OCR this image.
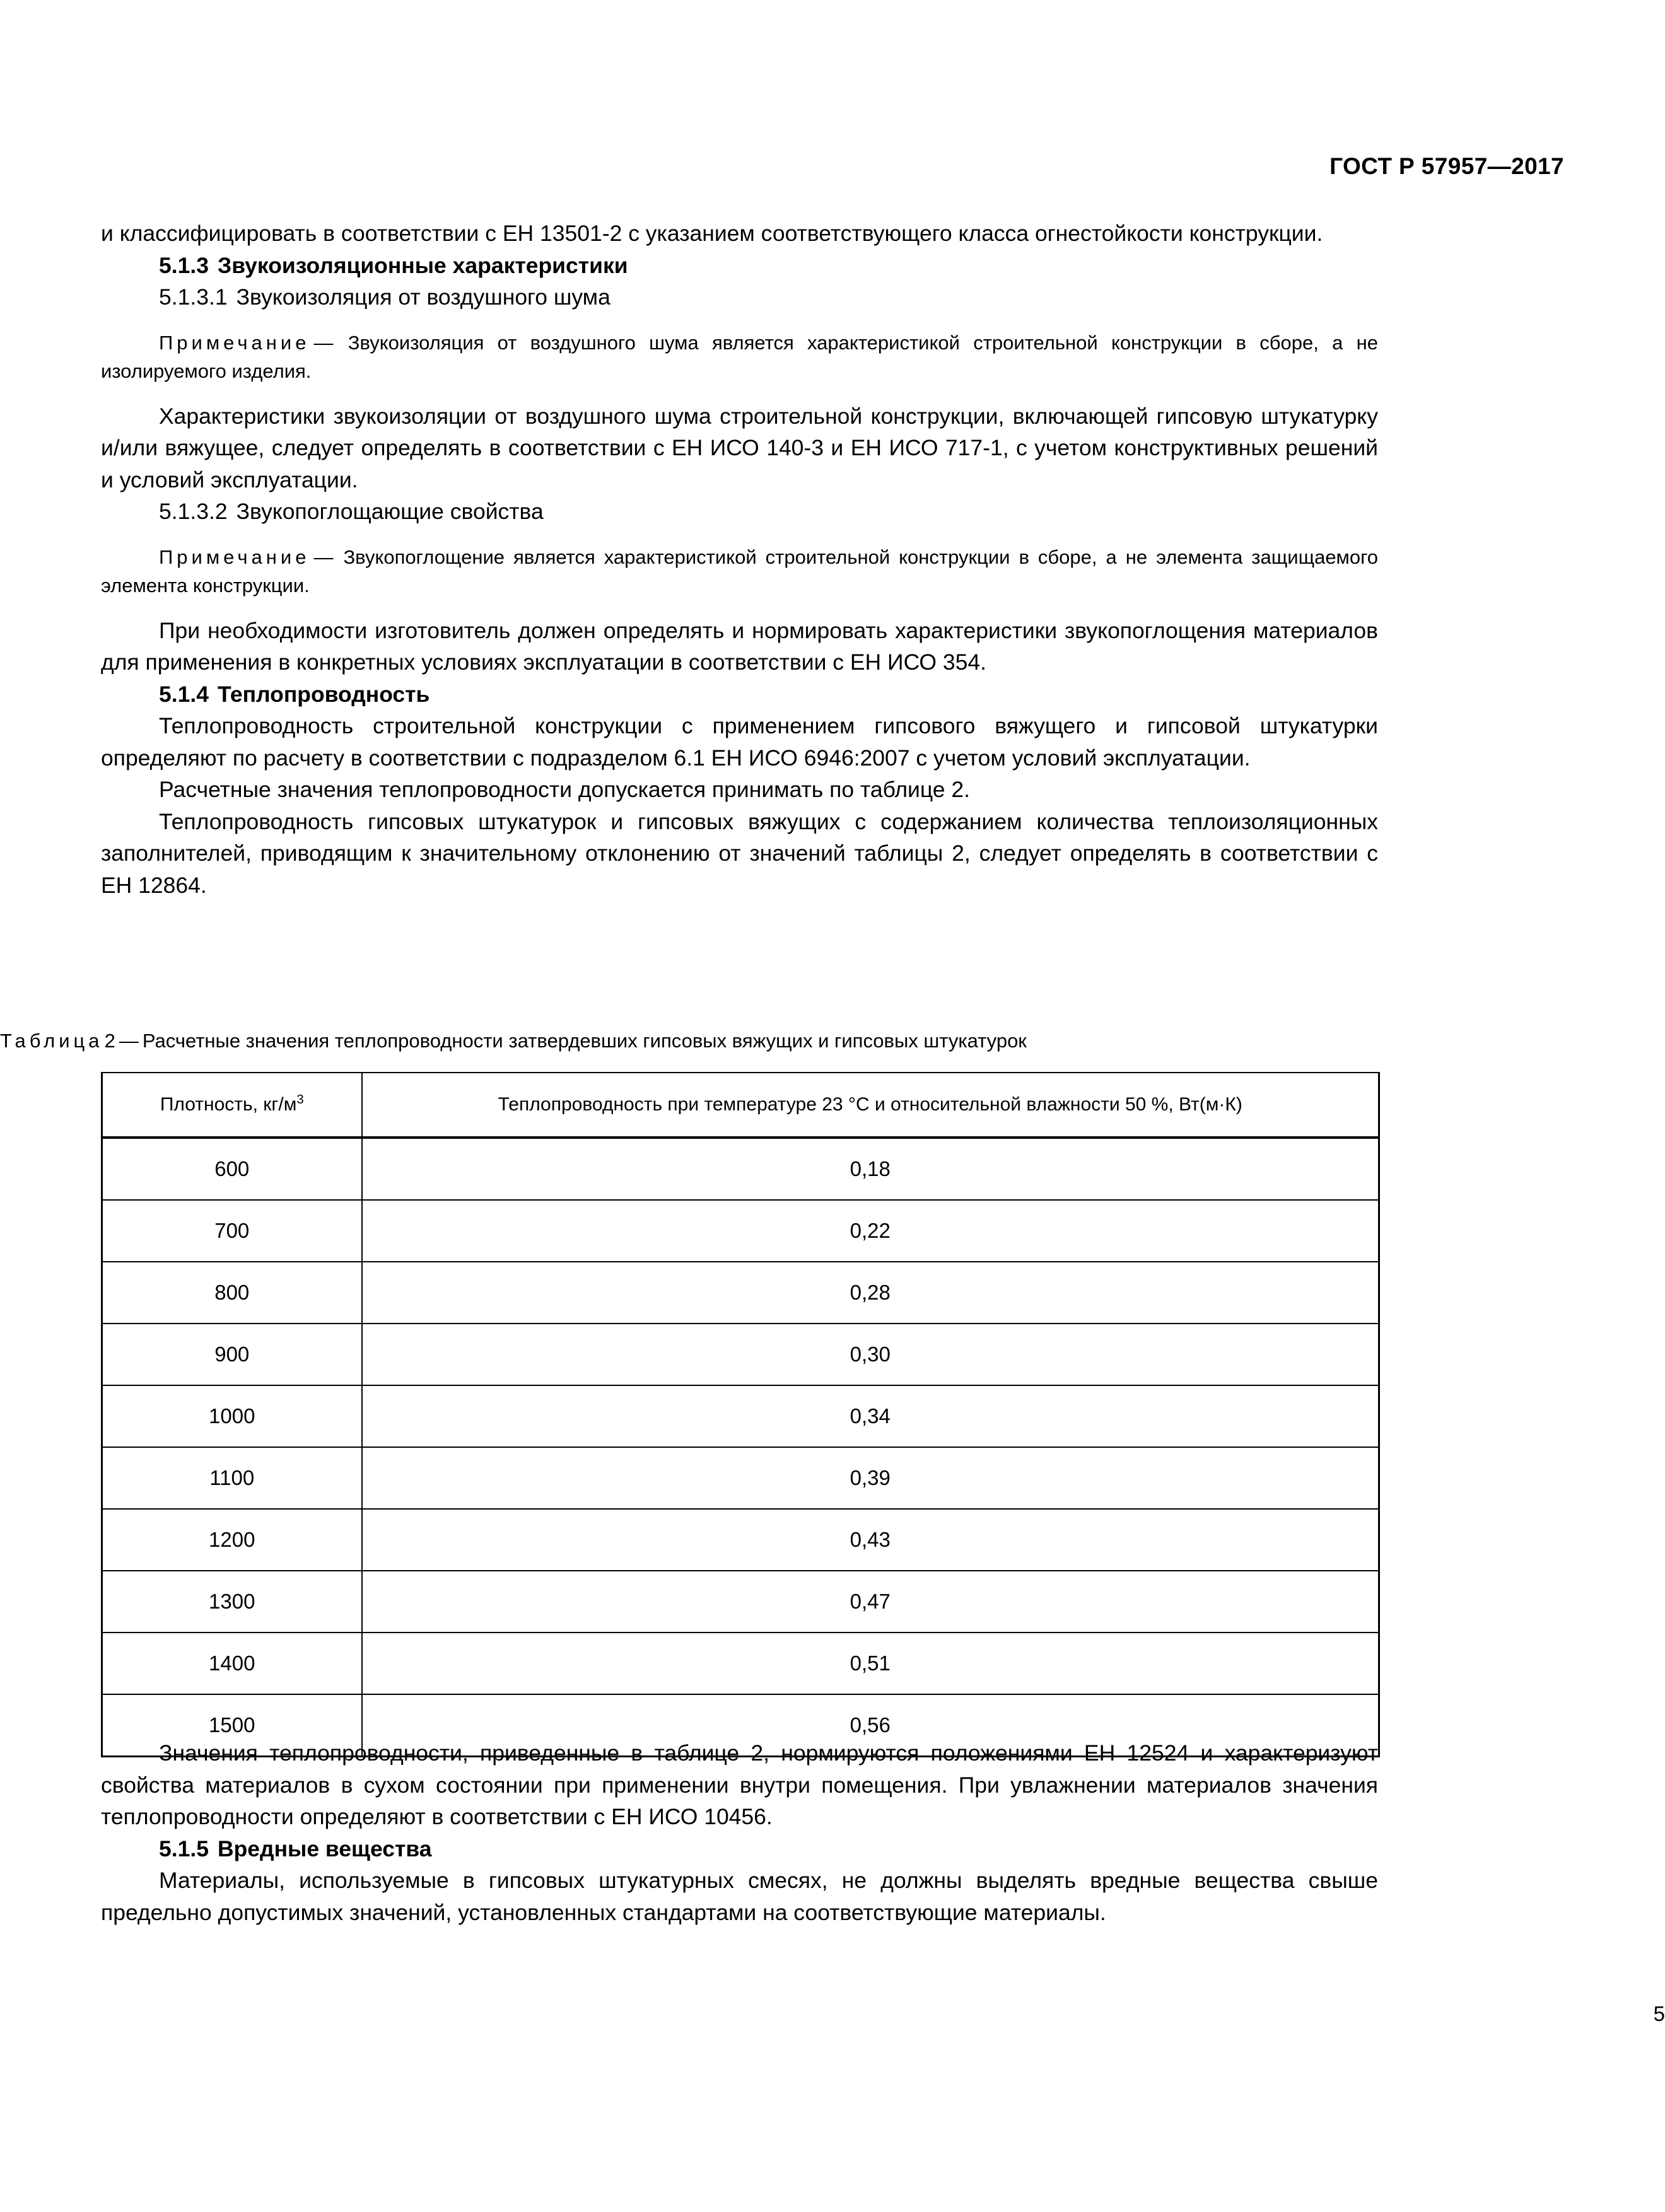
ГОСТ Р 57957—2017

и классифицировать в соответствии с ЕН 13501-2 с указанием соответствующего класса огнестойкости конструкции.

5.1.3 Звукоизоляционные характеристики
5.1.3.1 Звукоизоляция от воздушного шума

Примечание — Звукоизоляция от воздушного шума является характеристикой строительной конструкции в сборе, а не изолируемого изделия.

Характеристики звукоизоляции от воздушного шума строительной конструкции, включающей гипсовую штукатурку и/или вяжущее, следует определять в соответствии с ЕН ИСО 140-3 и ЕН ИСО 717-1, с учетом конструктивных решений и условий эксплуатации.

5.1.3.2 Звукопоглощающие свойства

Примечание — Звукопоглощение является характеристикой строительной конструкции в сборе, а не элемента защищаемого элемента конструкции.

При необходимости изготовитель должен определять и нормировать характеристики звукопоглощения материалов для применения в конкретных условиях эксплуатации в соответствии с ЕН ИСО 354.

5.1.4 Теплопроводность

Теплопроводность строительной конструкции с применением гипсового вяжущего и гипсовой штукатурки определяют по расчету в соответствии с подразделом 6.1 ЕН ИСО 6946:2007 с учетом условий эксплуатации.

Расчетные значения теплопроводности допускается принимать по таблице 2.

Теплопроводность гипсовых штукатурок и гипсовых вяжущих с содержанием количества теплоизоляционных заполнителей, приводящим к значительному отклонению от значений таблицы 2, следует определять в соответствии с ЕН 12864.

Таблица2 — Расчетные значения теплопроводности затвердевших гипсовых вяжущих и гипсовых штукатурок
Плотность, $кг/м^3$	Теплопроводность при температуре 23 °С и относительной влажности 50 %, Вт(м·К)
600	0,18
700	0,22
800	0,28
900	0,30
1000	0,34
1100	0,39
1200	0,43
1300	0,47
1400	0,51
1500	0,56

Значения теплопроводности, приведенные в таблице 2, нормируются положениями ЕН 12524 и характеризуют свойства материалов в сухом состоянии при применении внутри помещения. При увлажнении материалов значения теплопроводности определяют в соответствии с ЕН ИСО 10456.

5.1.5 Вредные вещества

Материалы, используемые в гипсовых штукатурных смесях, не должны выделять вредные вещества свыше предельно допустимых значений, установленных стандартами на соответствующие материалы.

5
